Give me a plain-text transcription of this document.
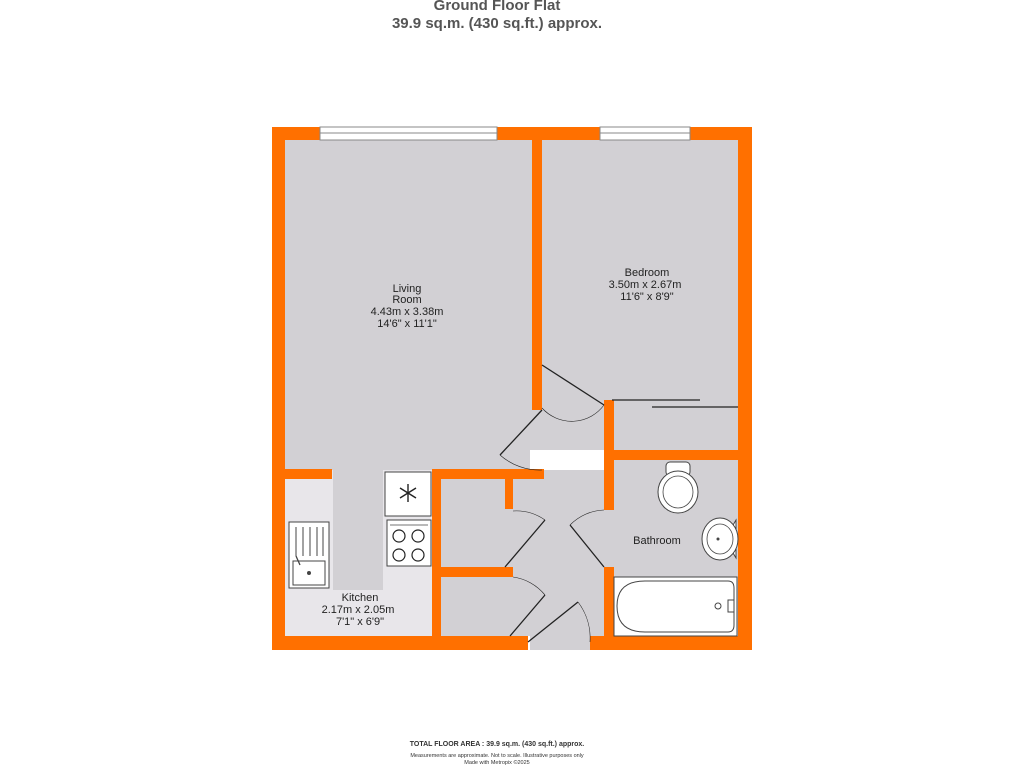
Ground Floor Flat
39.9 sq.m. (430 sq.ft.) approx.
Living
Room
4.43m x 3.38m
14'6" x 11'1"
Bedroom
3.50m x 2.67m
11'6" x 8'9"
Kitchen
2.17m x 2.05m
7'1" x 6'9"
Bathroom
TOTAL FLOOR AREA : 39.9 sq.m. (430 sq.ft.) approx.
Measurements are approximate. Not to scale. Illustrative purposes only
Made with Metropix ©2025
